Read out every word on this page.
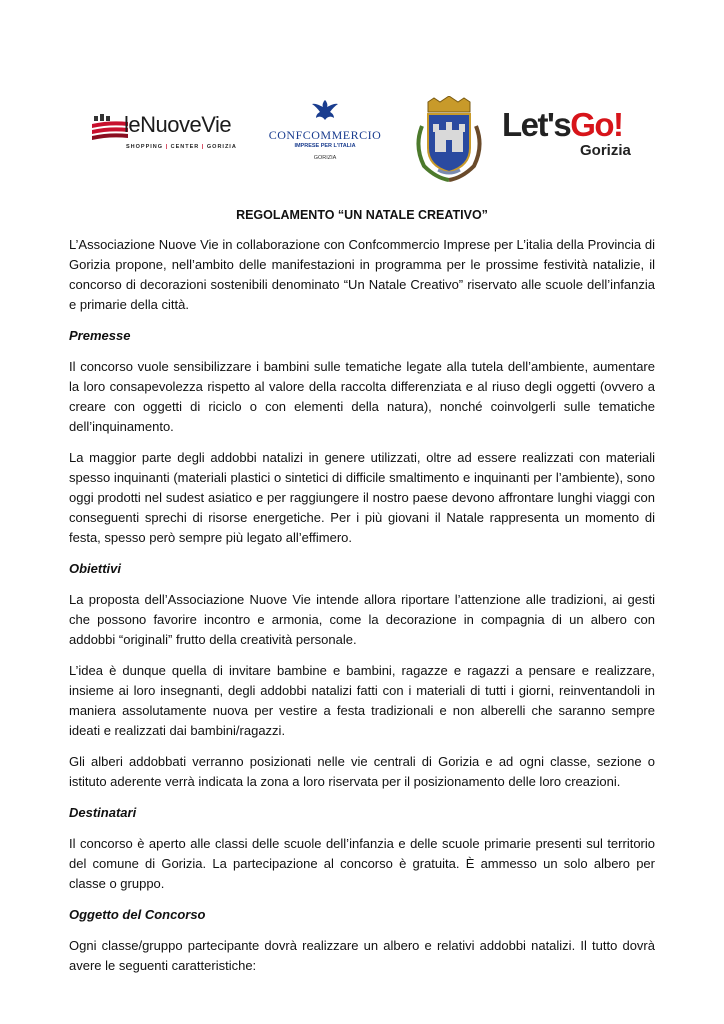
leNuoveVie
SHOPPING | CENTER | GORIZIA
CONFCOMMERCIO
IMPRESE PER L'ITALIA
GORIZIA
Let'sGo!
Gorizia
REGOLAMENTO “UN NATALE CREATIVO”

L’Associazione Nuove Vie in collaborazione con Confcommercio Imprese per L’italia della Provincia di Gorizia propone, nell’ambito delle manifestazioni in programma per le prossime festività natalizie, il concorso di decorazioni sostenibili denominato “Un Natale Creativo” riservato alle scuole dell’infanzia e primarie della città.

Premesse

Il concorso vuole sensibilizzare i bambini sulle tematiche legate alla tutela dell’ambiente, aumentare la loro consapevolezza rispetto al valore della raccolta differenziata e al riuso degli oggetti (ovvero a creare con oggetti di riciclo o con elementi della natura), nonché coinvolgerli sulle tematiche dell’inquinamento.

La maggior parte degli addobbi natalizi in genere utilizzati, oltre ad essere realizzati con materiali spesso inquinanti (materiali plastici o sintetici di difficile smaltimento e inquinanti per l’ambiente), sono oggi prodotti nel sudest asiatico e per raggiungere il nostro paese devono affrontare lunghi viaggi con conseguenti sprechi di risorse energetiche. Per i più giovani il Natale rappresenta un momento di festa, spesso però sempre più legato all’effimero.

Obiettivi

La proposta dell’Associazione Nuove Vie intende allora riportare l’attenzione alle tradizioni, ai gesti che possono favorire incontro e armonia, come la decorazione in compagnia di un albero con addobbi “originali” frutto della creatività personale.

L’idea è dunque quella di invitare bambine e bambini, ragazze e ragazzi a pensare e realizzare, insieme ai loro insegnanti, degli addobbi natalizi fatti con i materiali di tutti i giorni, reinventandoli in maniera assolutamente nuova per vestire a festa tradizionali e non alberelli che saranno sempre ideati e realizzati dai bambini/ragazzi.

Gli alberi addobbati verranno posizionati nelle vie centrali di Gorizia e ad ogni classe, sezione o istituto aderente verrà indicata la zona a loro riservata per il posizionamento delle loro creazioni.

Destinatari

Il concorso è aperto alle classi delle scuole dell’infanzia e delle scuole primarie presenti sul territorio del comune di Gorizia. La partecipazione al concorso è gratuita. È ammesso un solo albero per classe o gruppo.

Oggetto del Concorso

Ogni classe/gruppo partecipante dovrà realizzare un albero e relativi addobbi natalizi. Il tutto dovrà avere le seguenti caratteristiche:
